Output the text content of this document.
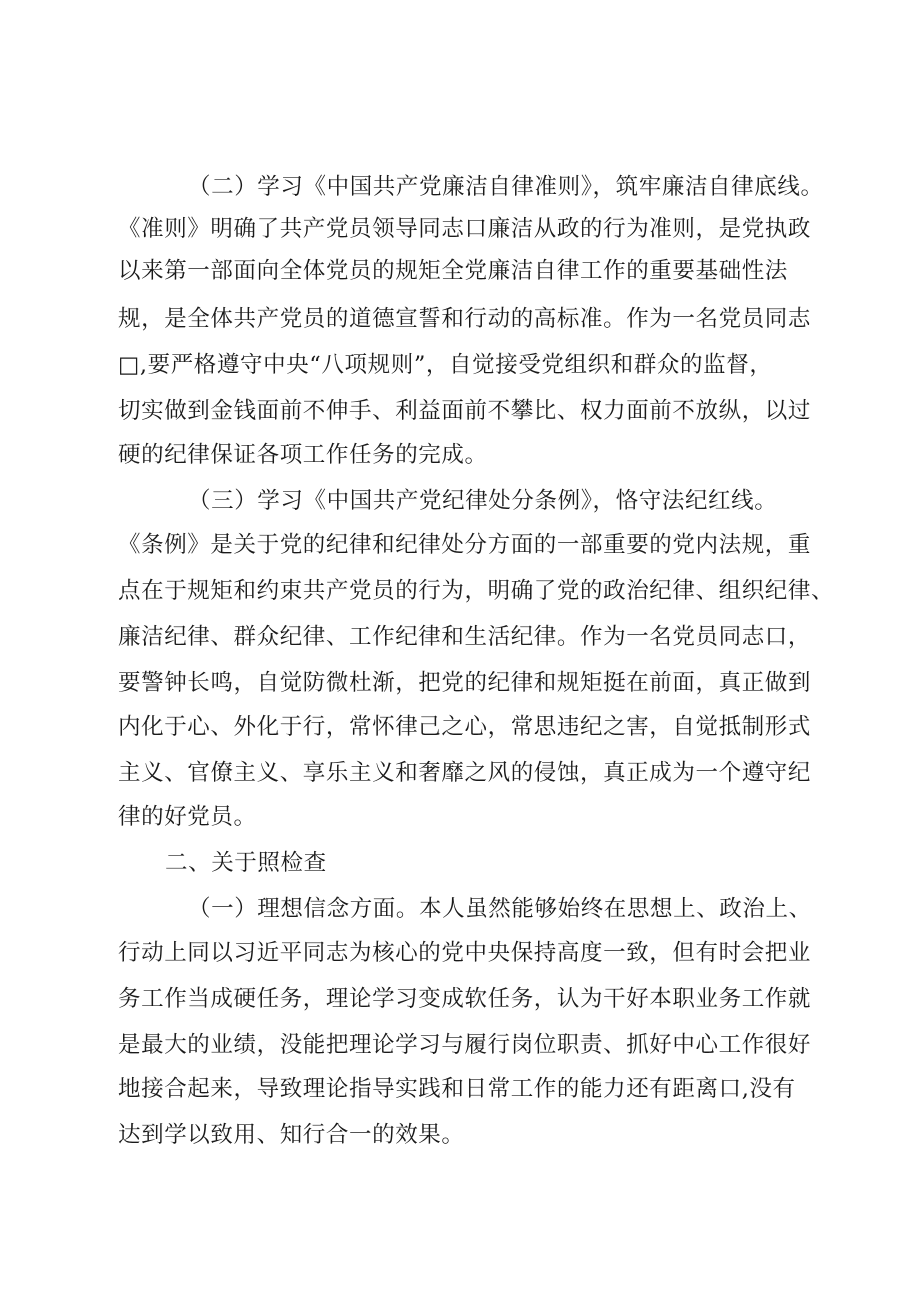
（二）学习《中国共产党廉洁自律准则》，筑牢廉洁自律底线。
《准则》明确了共产党员领导同志口廉洁从政的行为准则，是党执政
以来第一部面向全体党员的规矩全党廉洁自律工作的重要基础性法
规，是全体共产党员的道德宣誓和行动的高标准。作为一名党员同志
□,要严格遵守中央“八项规则”，自觉接受党组织和群众的监督，
切实做到金钱面前不伸手、利益面前不攀比、权力面前不放纵，以过
硬的纪律保证各项工作任务的完成。
（三）学习《中国共产党纪律处分条例》，恪守法纪红线。
《条例》是关于党的纪律和纪律处分方面的一部重要的党内法规，重
点在于规矩和约束共产党员的行为，明确了党的政治纪律、组织纪律、
廉洁纪律、群众纪律、工作纪律和生活纪律。作为一名党员同志口，
要警钟长鸣，自觉防微杜渐，把党的纪律和规矩挺在前面，真正做到
内化于心、外化于行，常怀律己之心，常思违纪之害，自觉抵制形式
主义、官僚主义、享乐主义和奢靡之风的侵蚀，真正成为一个遵守纪
律的好党员。
二、关于照检查
（一）理想信念方面。本人虽然能够始终在思想上、政治上、
行动上同以习近平同志为核心的党中央保持高度一致，但有时会把业
务工作当成硬任务，理论学习变成软任务，认为干好本职业务工作就
是最大的业绩，没能把理论学习与履行岗位职责、抓好中心工作很好
地接合起来，导致理论指导实践和日常工作的能力还有距离口,没有
达到学以致用、知行合一的效果。
